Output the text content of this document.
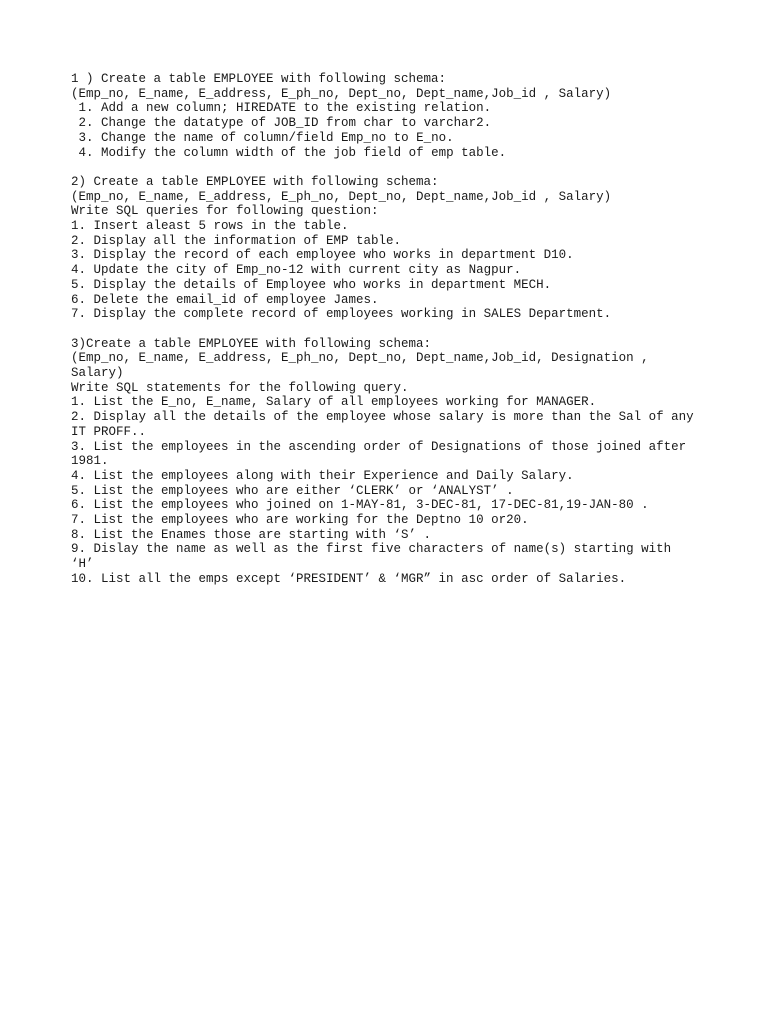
1 ) Create a table EMPLOYEE with following schema:

(Emp_no, E_name, E_address, E_ph_no, Dept_no, Dept_name,Job_id , Salary)

1. Add a new column; HIREDATE to the existing relation.

2. Change the datatype of JOB_ID from char to varchar2.

3. Change the name of column/field Emp_no to E_no.

4. Modify the column width of the job field of emp table.

2) Create a table EMPLOYEE with following schema:

(Emp_no, E_name, E_address, E_ph_no, Dept_no, Dept_name,Job_id , Salary)

Write SQL queries for following question:

1. Insert aleast 5 rows in the table.

2. Display all the information of EMP table.

3. Display the record of each employee who works in department D10.

4. Update the city of Emp_no-12 with current city as Nagpur.

5. Display the details of Employee who works in department MECH.

6. Delete the email_id of employee James.

7. Display the complete record of employees working in SALES Department.

3)Create a table EMPLOYEE with following schema:

(Emp_no, E_name, E_address, E_ph_no, Dept_no, Dept_name,Job_id, Designation ,
Salary)

Write SQL statements for the following query.

1. List the E_no, E_name, Salary of all employees working for MANAGER.

2. Display all the details of the employee whose salary is more than the Sal of any
IT PROFF..

3. List the employees in the ascending order of Designations of those joined after
1981.

4. List the employees along with their Experience and Daily Salary.

5. List the employees who are either ‘CLERK’ or ‘ANALYST’ .

6. List the employees who joined on 1-MAY-81, 3-DEC-81, 17-DEC-81,19-JAN-80 .

7. List the employees who are working for the Deptno 10 or20.

8. List the Enames those are starting with ‘S’ .

9. Dislay the name as well as the first five characters of name(s) starting with
‘H’

10. List all the emps except ‘PRESIDENT’ & ‘MGR” in asc order of Salaries.
